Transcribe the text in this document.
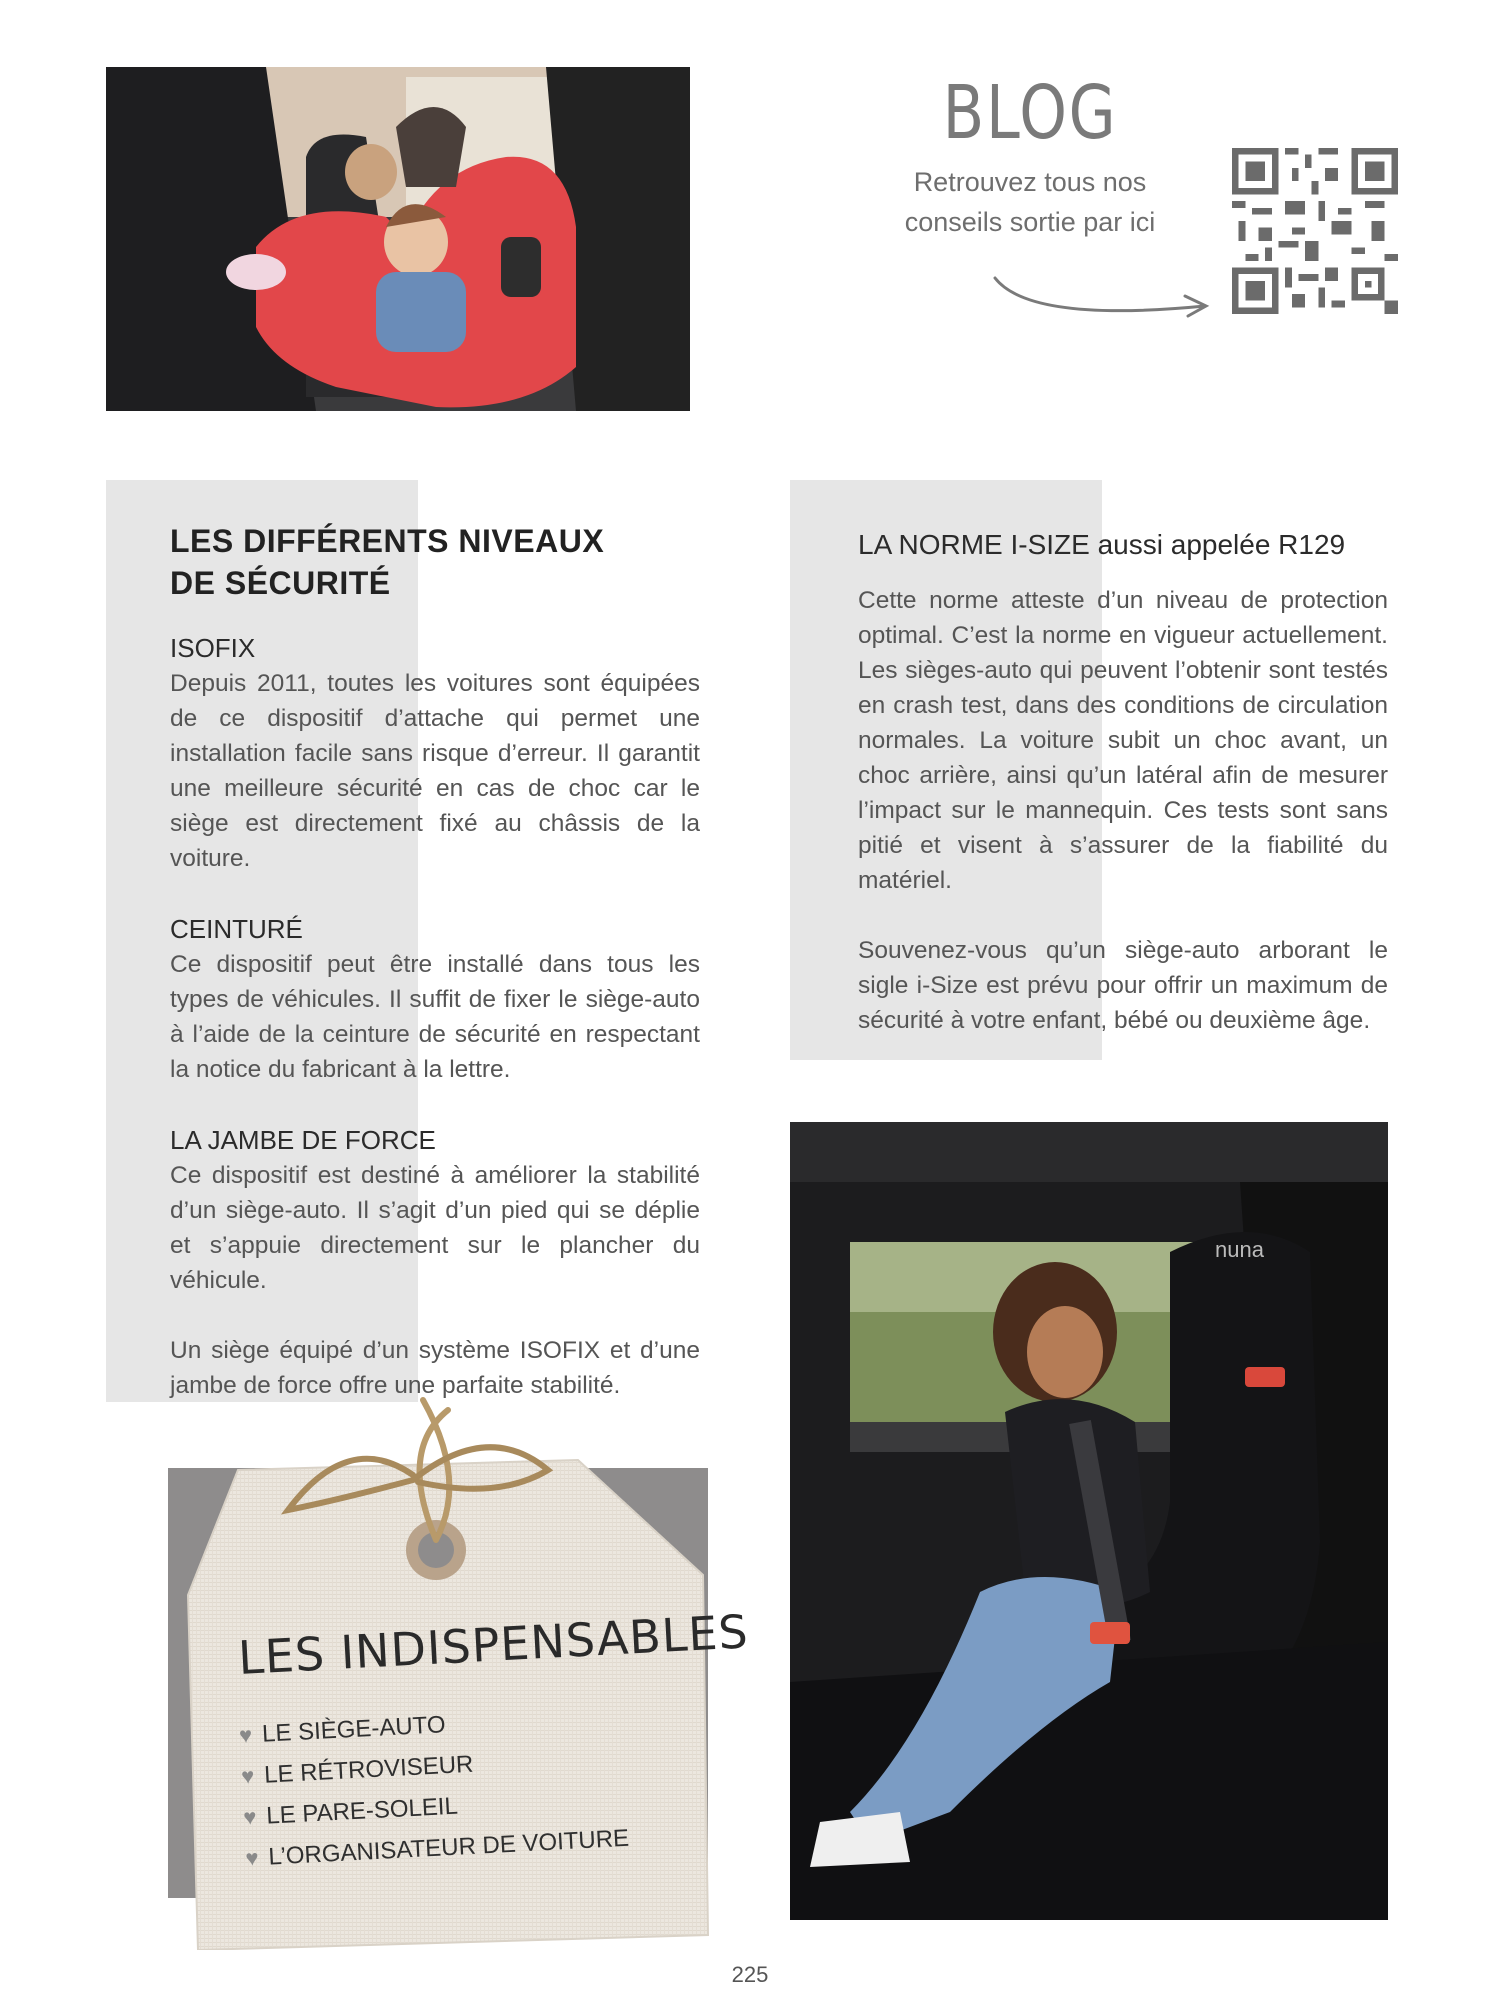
BLOG
Retrouvez tous nos
conseils sortie par ici
LES DIFFÉRENTS NIVEAUX
DE SÉCURITÉ
ISOFIX

Depuis 2011, toutes les voitures sont équipées de ce dispositif d’attache qui permet une installation facile sans risque d’erreur. Il garantit une meilleure sécurité en cas de choc car le siège est directement fixé au châssis de la voiture.

CEINTURÉ

Ce dispositif peut être installé dans tous les types de véhicules. Il suffit de fixer le siège-auto à l’aide de la ceinture de sécurité en respectant la notice du fabricant à la lettre.

LA JAMBE DE FORCE

Ce dispositif est destiné à améliorer la stabilité d’un siège-auto. Il s’agit d’un pied qui se déplie et s’appuie directement sur le plancher du véhicule.

Un siège équipé d’un système ISOFIX et d’une jambe de force offre une parfaite stabilité.

LA NORME I-SIZE aussi appelée R129

Cette norme atteste d’un niveau de protection optimal. C’est la norme en vigueur actuellement. Les sièges-auto qui peuvent l’obtenir sont testés en crash test, dans des conditions de circulation normales. La voiture subit un choc avant, un choc arrière, ainsi qu’un latéral afin de mesurer l’impact sur le mannequin. Ces tests sont sans pitié et visent à s’assurer de la fiabilité du matériel.

Souvenez-vous qu’un siège-auto arborant le sigle i-Size est prévu pour offrir un maximum de sécurité à votre enfant, bébé ou deuxième âge.

nuna
LES INDISPENSABLES
♥ LE SIÈGE-AUTO
♥ LE RÉTROVISEUR
♥ LE PARE-SOLEIL
♥ L’ORGANISATEUR DE VOITURE
225
